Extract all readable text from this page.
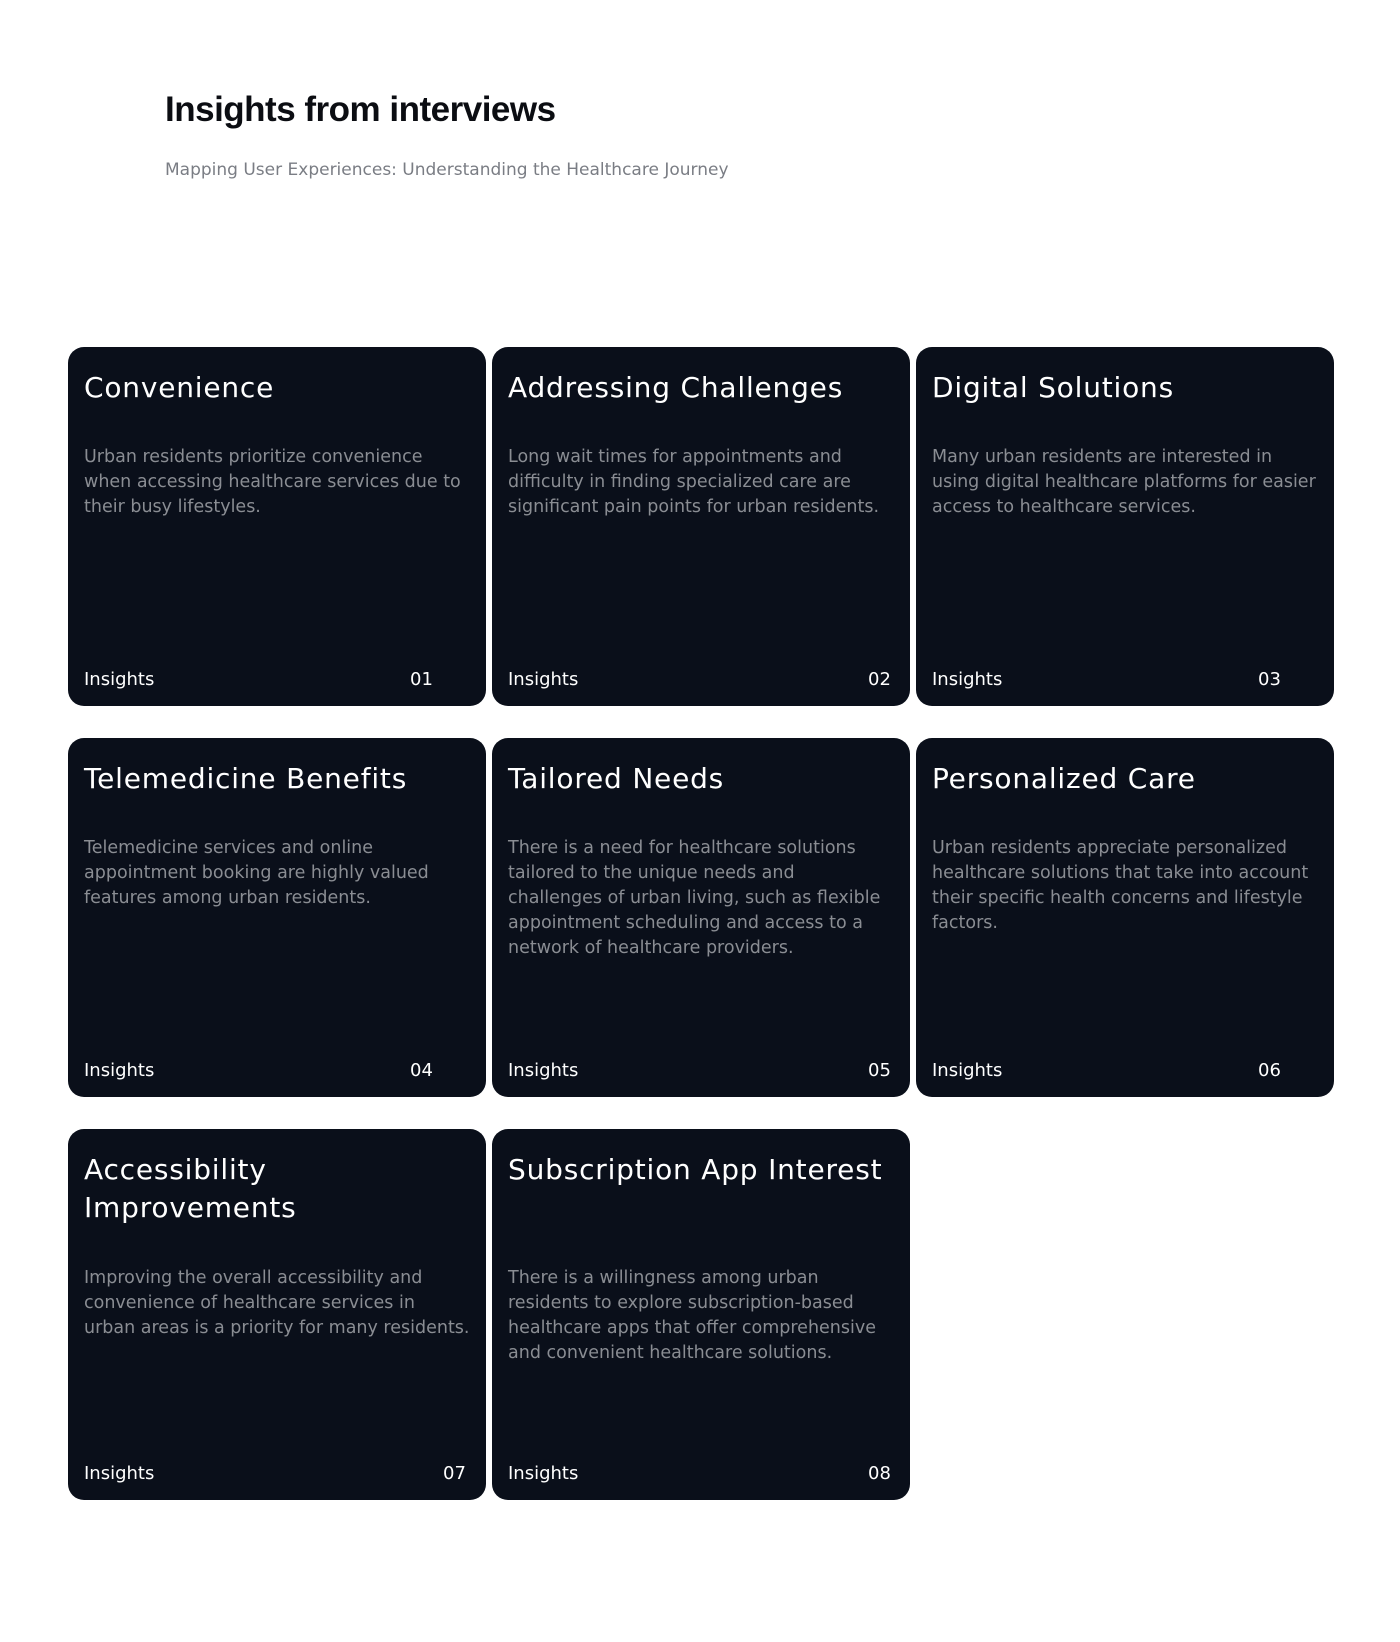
Insights from interviews
Mapping User Experiences: Understanding the Healthcare Journey
Convenience
Urban residents prioritize convenience when accessing healthcare services due to their busy lifestyles.
Insights	01
Addressing Challenges
Long wait times for appointments and difficulty in finding specialized care are significant pain points for urban residents.
Insights	02
Digital Solutions
Many urban residents are interested in using digital healthcare platforms for easier access to healthcare services.
Insights	03
Telemedicine Benefits
Telemedicine services and online appointment booking are highly valued features among urban residents.
Insights	04
Tailored Needs
There is a need for healthcare solutions tailored to the unique needs and challenges of urban living, such as flexible appointment scheduling and access to a network of healthcare providers.
Insights	05
Personalized Care
Urban residents appreciate personalized healthcare solutions that take into account their specific health concerns and lifestyle factors.
Insights	06
Accessibility Improvements
Improving the overall accessibility and convenience of healthcare services in urban areas is a priority for many residents.
Insights	07
Subscription App Interest
There is a willingness among urban residents to explore subscription-based healthcare apps that offer comprehensive and convenient healthcare solutions.
Insights	08
